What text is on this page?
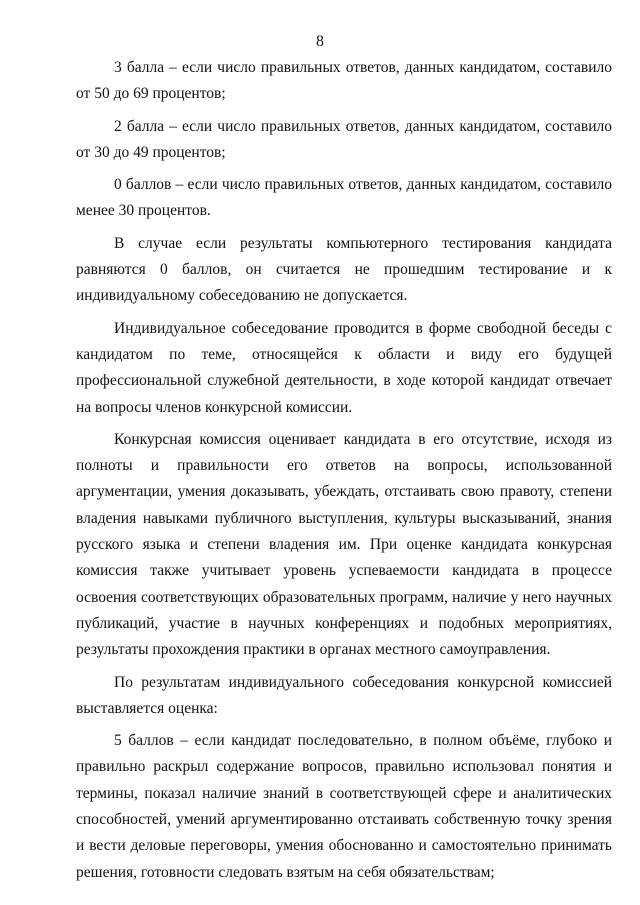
8

3 балла – если число правильных ответов, данных кандидатом, составило от 50 до 69 процентов;

2 балла – если число правильных ответов, данных кандидатом, составило от 30 до 49 процентов;

0 баллов – если число правильных ответов, данных кандидатом, составило менее 30 процентов.

В случае если результаты компьютерного тестирования кандидата равняются 0 баллов, он считается не прошедшим тестирование и к индивидуальному собеседованию не допускается.

Индивидуальное собеседование проводится в форме свободной беседы с кандидатом по теме, относящейся к области и виду его будущей профессиональной служебной деятельности, в ходе которой кандидат отвечает на вопросы членов конкурсной комиссии.

Конкурсная комиссия оценивает кандидата в его отсутствие, исходя из полноты и правильности его ответов на вопросы, использованной аргументации, умения доказывать, убеждать, отстаивать свою правоту, степени владения навыками публичного выступления, культуры высказываний, знания русского языка и степени владения им. При оценке кандидата конкурсная комиссия также учитывает уровень успеваемости кандидата в процессе освоения соответствующих образовательных программ, наличие у него научных публикаций, участие в научных конференциях и подобных мероприятиях, результаты прохождения практики в органах местного самоуправления.

По результатам индивидуального собеседования конкурсной комиссией выставляется оценка:

5 баллов – если кандидат последовательно, в полном объёме, глубоко и правильно раскрыл содержание вопросов, правильно использовал понятия и термины, показал наличие знаний в соответствующей сфере и аналитических способностей, умений аргументированно отстаивать собственную точку зрения и вести деловые переговоры, умения обоснованно и самостоятельно принимать решения, готовности следовать взятым на себя обязательствам;
